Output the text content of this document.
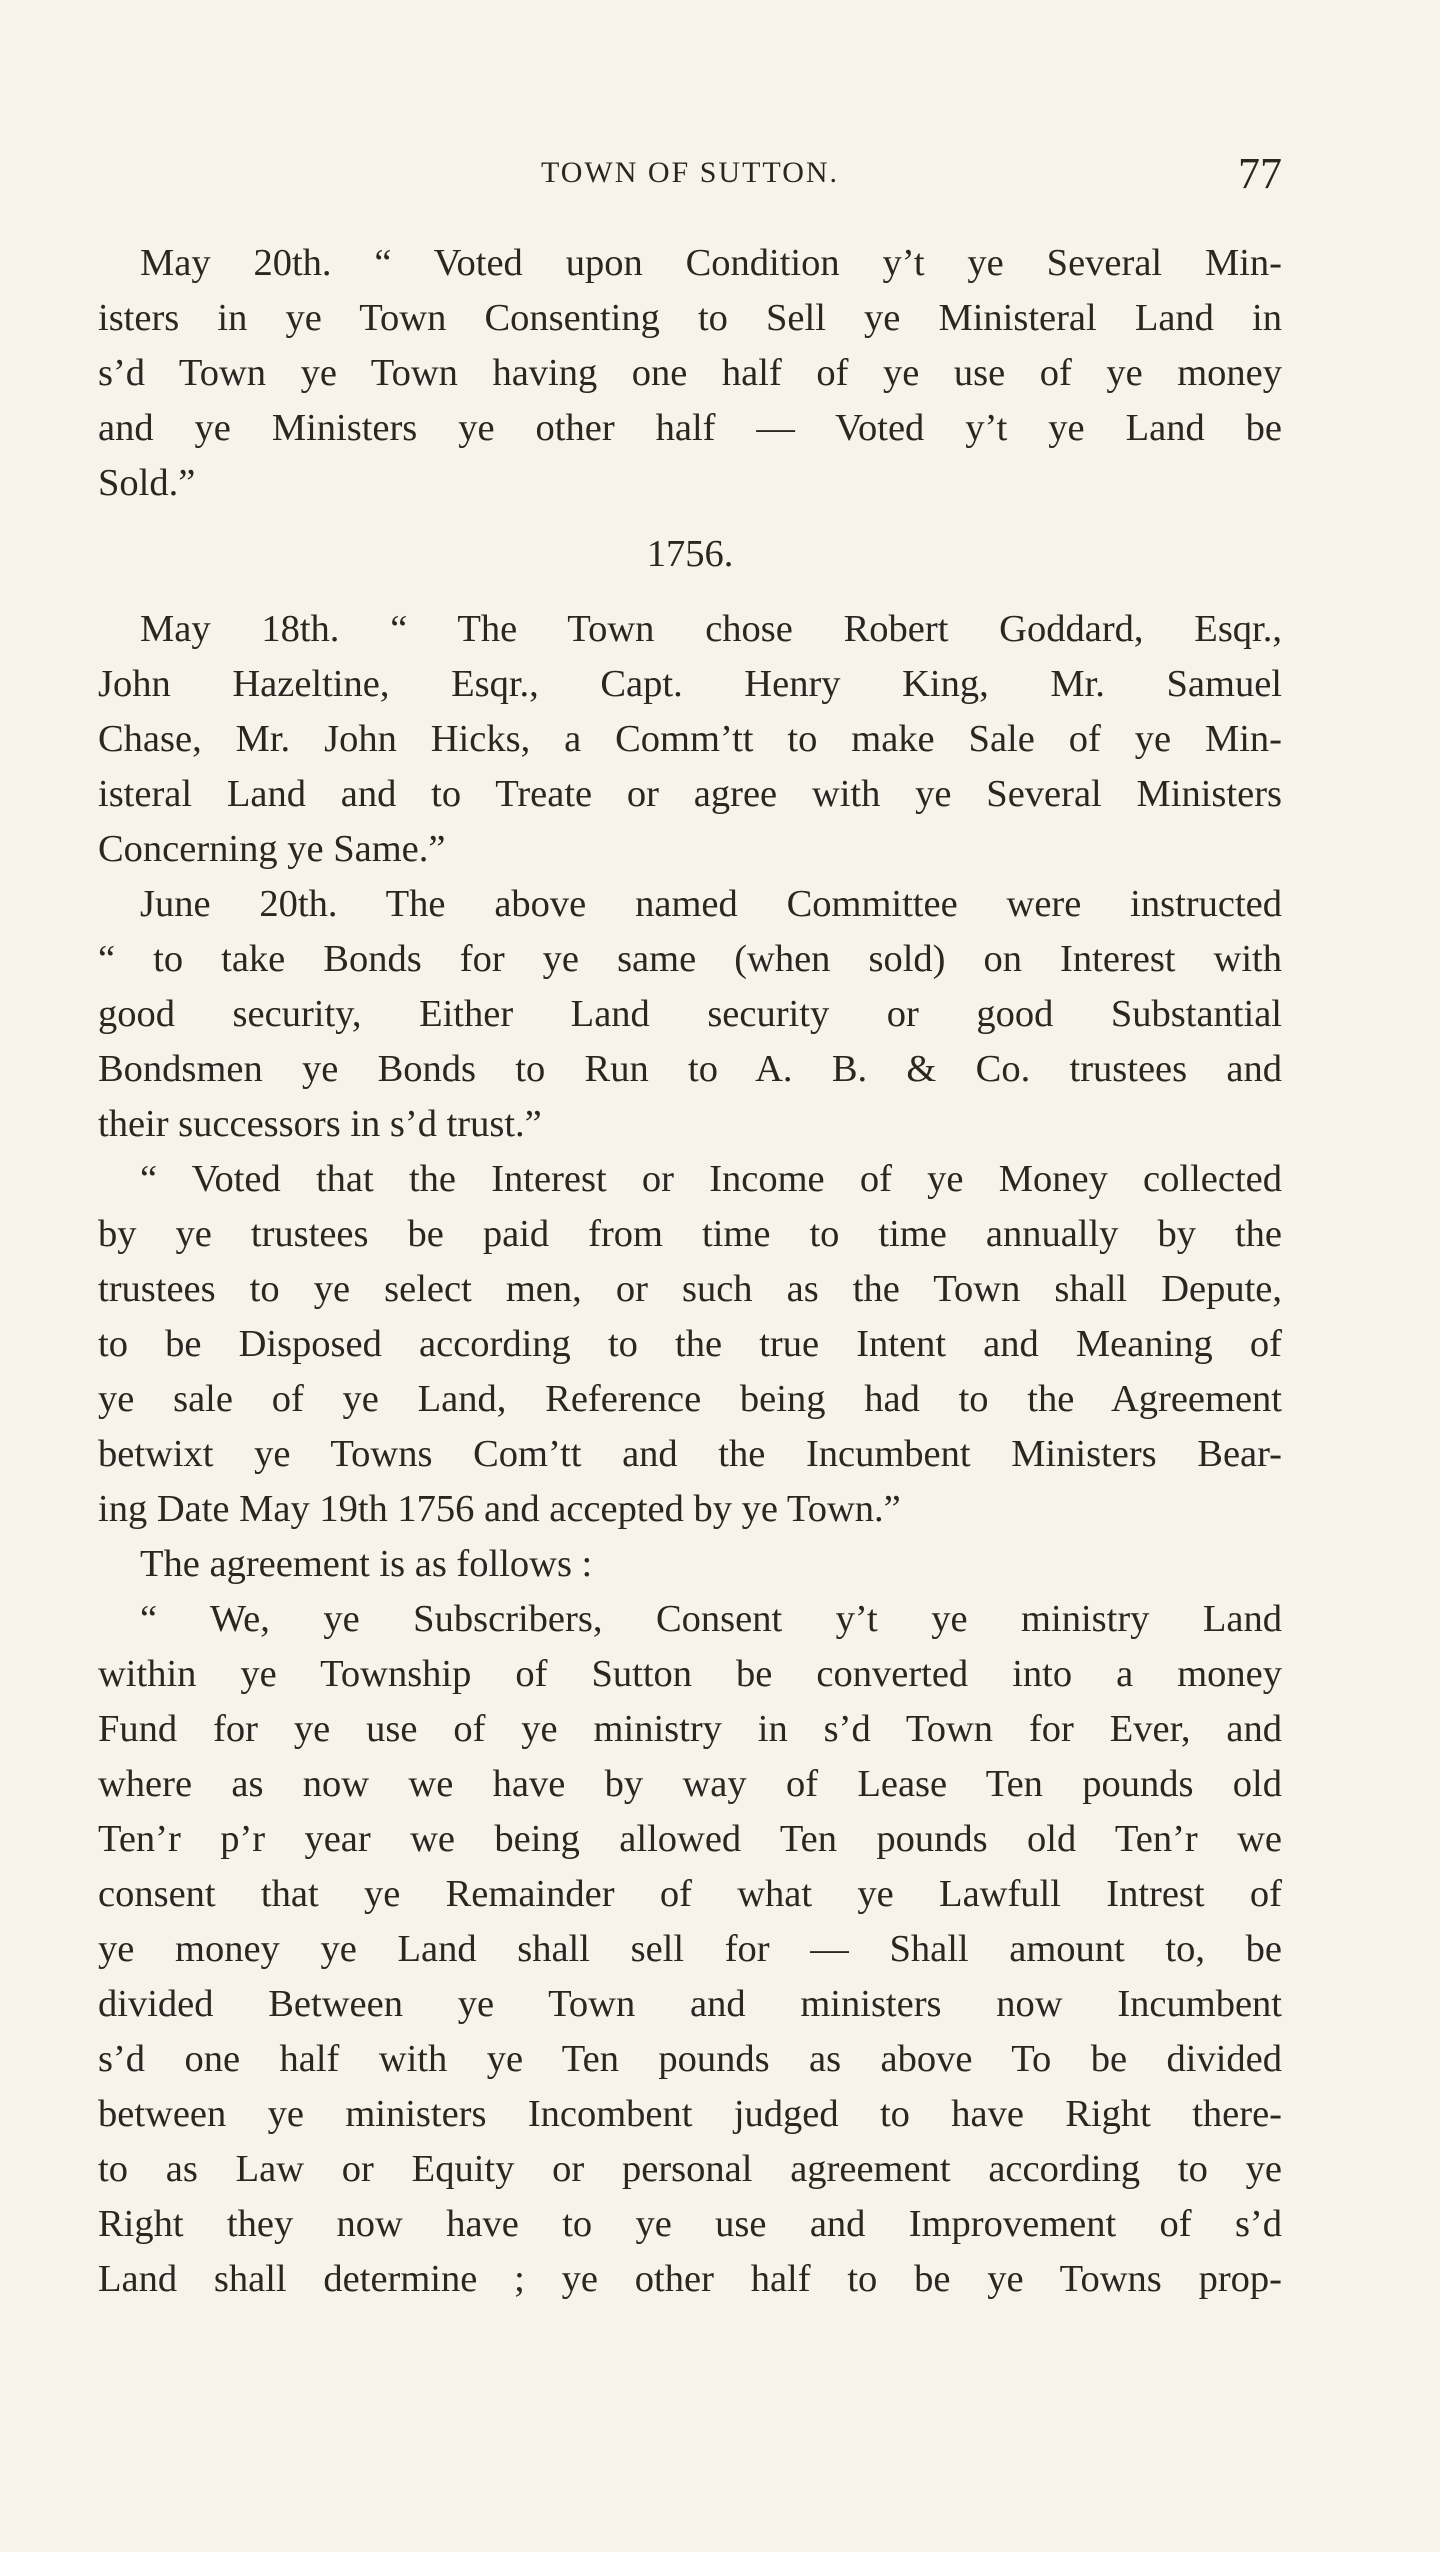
TOWN OF SUTTON.	77
May 20th. “ Voted upon Condition y’t ye Several Min-
isters in ye Town Consenting to Sell ye Ministeral Land in
s’d Town ye Town having one half of ye use of ye money
and ye Ministers ye other half — Voted y’t ye Land be
Sold.”
1756.
May 18th. “ The Town chose Robert Goddard, Esqr.,
John Hazeltine, Esqr., Capt. Henry King, Mr. Samuel
Chase, Mr. John Hicks, a Comm’tt to make Sale of ye Min-
isteral Land and to Treate or agree with ye Several Ministers
Concerning ye Same.”
June 20th. The above named Committee were instructed
“ to take Bonds for ye same (when sold) on Interest with
good security, Either Land security or good Substantial
Bondsmen ye Bonds to Run to A. B. & Co. trustees and
their successors in s’d trust.”
“ Voted that the Interest or Income of ye Money collected
by ye trustees be paid from time to time annually by the
trustees to ye select men, or such as the Town shall Depute,
to be Disposed according to the true Intent and Meaning of
ye sale of ye Land, Reference being had to the Agreement
betwixt ye Towns Com’tt and the Incumbent Ministers Bear-
ing Date May 19th 1756 and accepted by ye Town.”
The agreement is as follows :
“ We, ye Subscribers, Consent y’t ye ministry Land
within ye Township of Sutton be converted into a money
Fund for ye use of ye ministry in s’d Town for Ever, and
where as now we have by way of Lease Ten pounds old
Ten’r p’r year we being allowed Ten pounds old Ten’r we
consent that ye Remainder of what ye Lawfull Intrest of
ye money ye Land shall sell for — Shall amount to, be
divided Between ye Town and ministers now Incumbent
s’d one half with ye Ten pounds as above To be divided
between ye ministers Incombent judged to have Right there-
to as Law or Equity or personal agreement according to ye
Right they now have to ye use and Improvement of s’d
Land shall determine ; ye other half to be ye Towns prop-
